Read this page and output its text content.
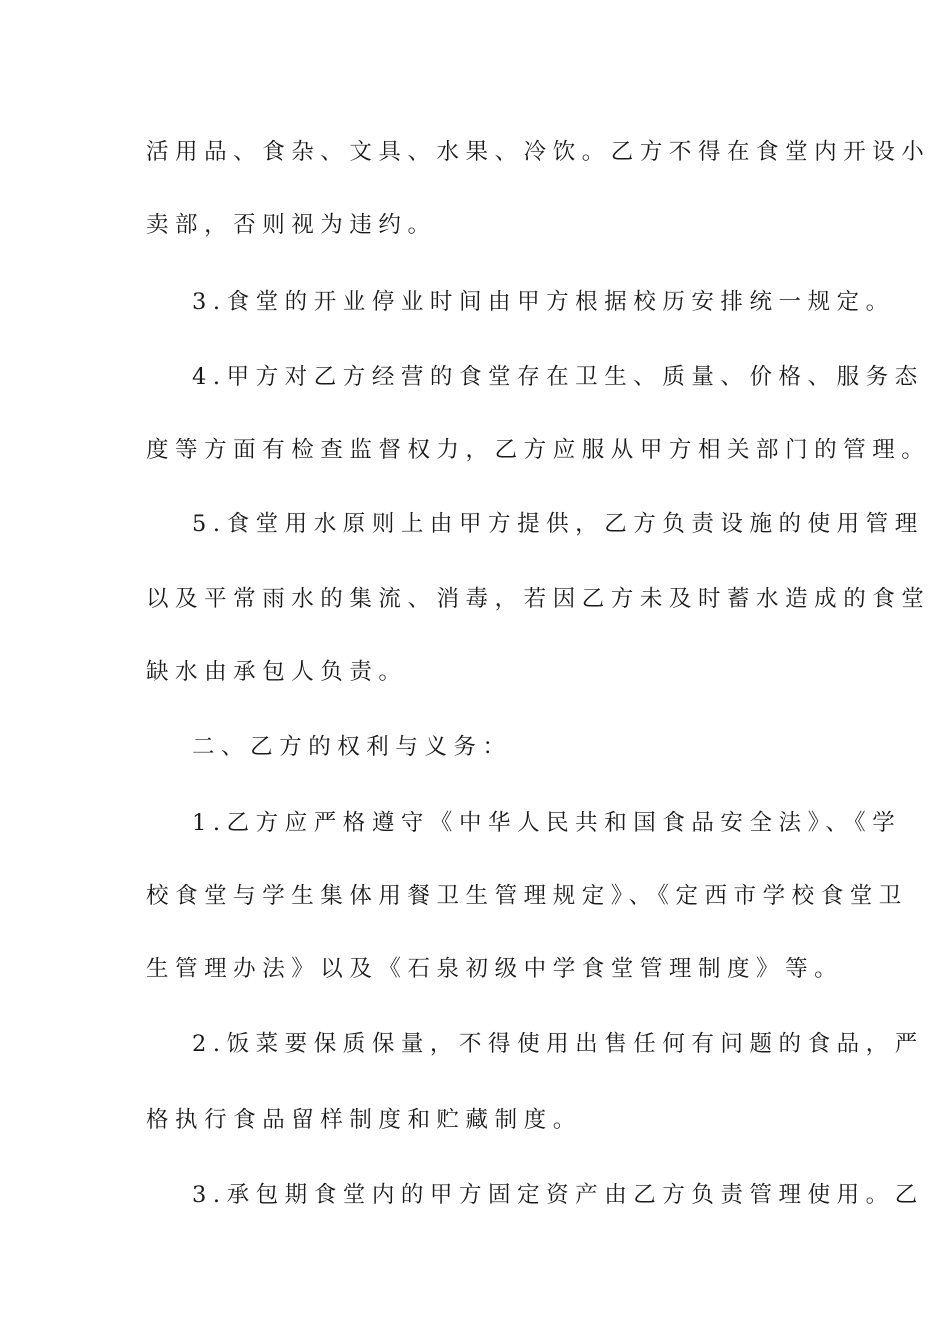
活用品、食杂、文具、水果、冷饮。乙方不得在食堂内开设小
卖部，否则视为违约。
3.食堂的开业停业时间由甲方根据校历安排统一规定。
4.甲方对乙方经营的食堂存在卫生、质量、价格、服务态
度等方面有检查监督权力，乙方应服从甲方相关部门的管理。
5.食堂用水原则上由甲方提供，乙方负责设施的使用管理
以及平常雨水的集流、消毒，若因乙方未及时蓄水造成的食堂
缺水由承包人负责。
二、乙方的权利与义务：
1.乙方应严格遵守《中华人民共和国食品安全法》、《学
校食堂与学生集体用餐卫生管理规定》、《定西市学校食堂卫
生管理办法》以及《石泉初级中学食堂管理制度》等。
2.饭菜要保质保量，不得使用出售任何有问题的食品，严
格执行食品留样制度和贮藏制度。
3.承包期食堂内的甲方固定资产由乙方负责管理使用。乙
